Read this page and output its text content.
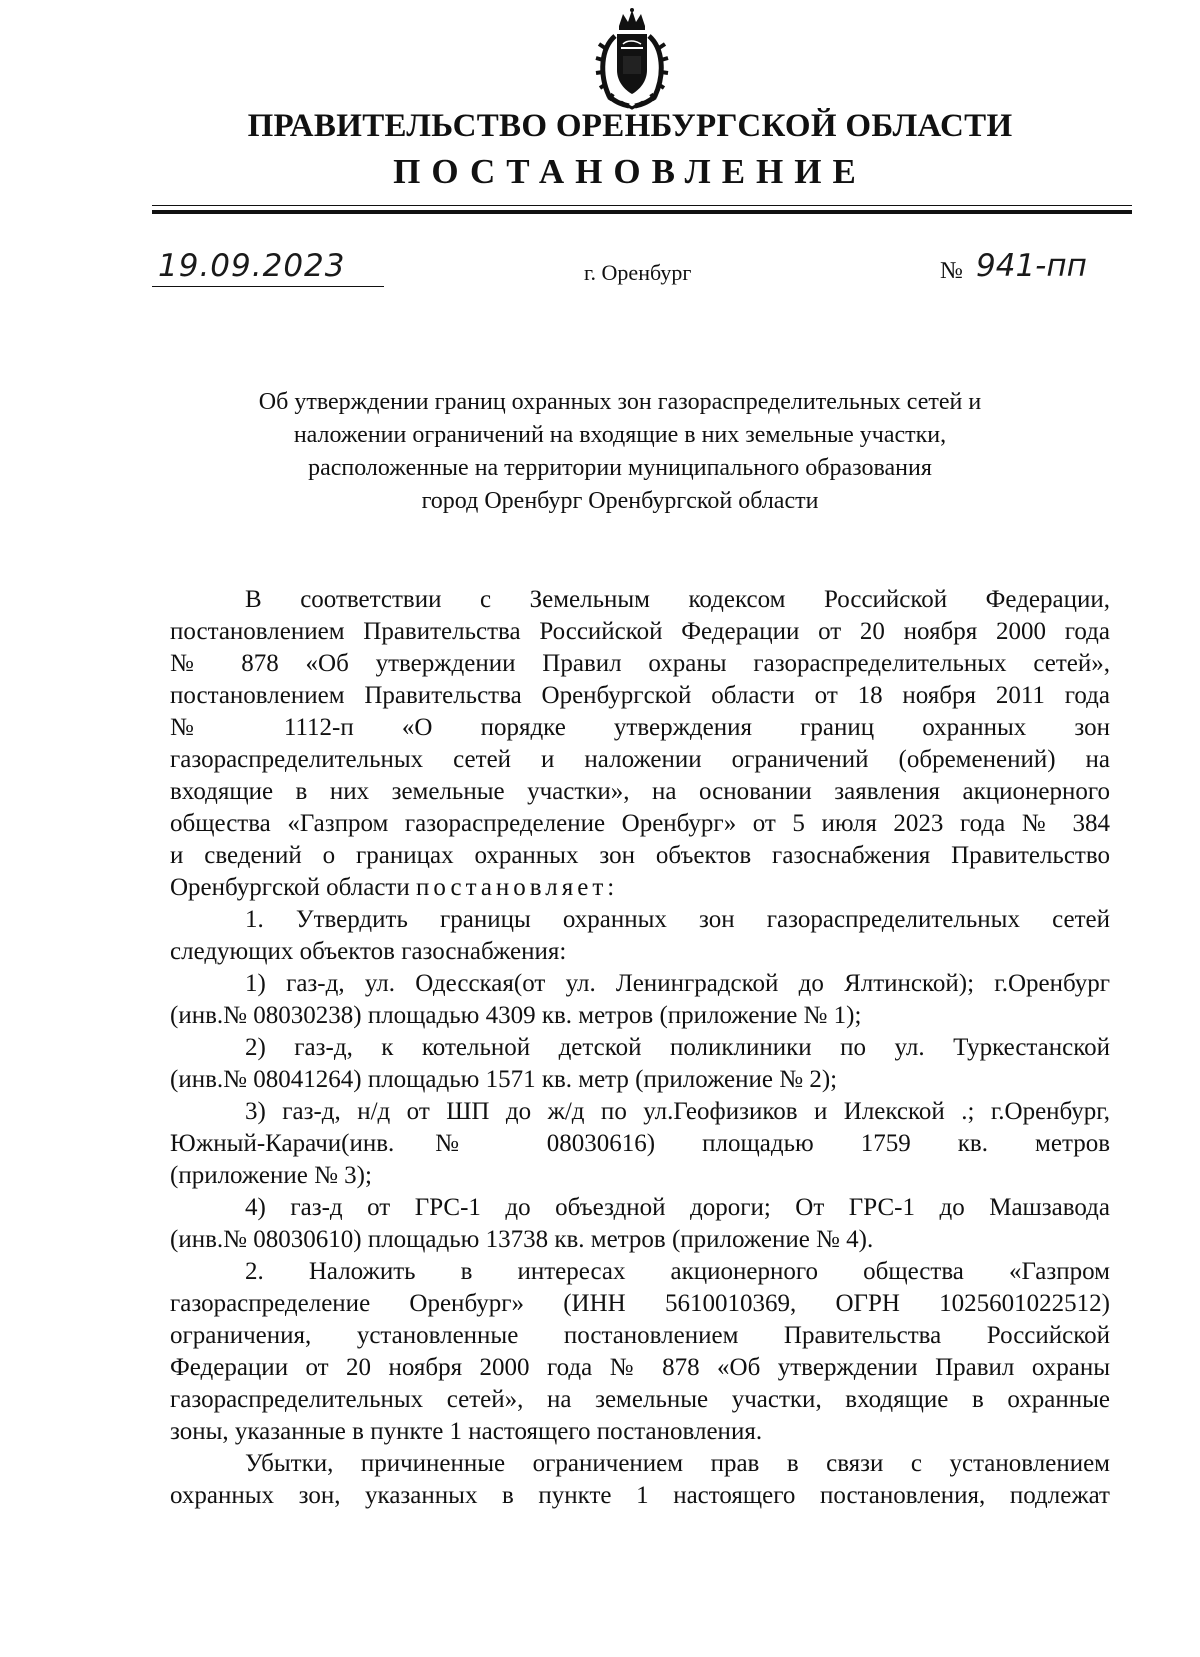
ПРАВИТЕЛЬСТВО ОРЕНБУРГСКОЙ ОБЛАСТИ
ПОСТАНОВЛЕНИЕ
19.09.2023	г. Оренбург	№ 941-пп
Об утверждении границ охранных зон газораспределительных сетей и
наложении ограничений на входящие в них земельные участки,
расположенные на территории муниципального образования
город Оренбург Оренбургской области
В соответствии с Земельным кодексом Российской Федерации,
постановлением Правительства Российской Федерации от 20 ноября 2000 года
№ 878 «Об утверждении Правил охраны газораспределительных сетей»,
постановлением Правительства Оренбургской области от 18 ноября 2011 года
№ 1112-п «О порядке утверждения границ охранных зон
газораспределительных сетей и наложении ограничений (обременений) на
входящие в них земельные участки», на основании заявления акционерного
общества «Газпром газораспределение Оренбург» от 5 июля 2023 года № 384
и сведений о границах охранных зон объектов газоснабжения Правительство
Оренбургской области постановляет:
1. Утвердить границы охранных зон газораспределительных сетей
следующих объектов газоснабжения:
1) газ-д, ул. Одесская(от ул. Ленинградской до Ялтинской); г.Оренбург
(инв.№ 08030238) площадью 4309 кв. метров (приложение № 1);
2) газ-д, к котельной детской поликлиники по ул. Туркестанской
(инв.№ 08041264) площадью 1571 кв. метр (приложение № 2);
3) газ-д, н/д от ШП до ж/д по ул.Геофизиков и Илекской .; г.Оренбург,
Южный-Карачи(инв.№ 08030616) площадью 1759 кв. метров
(приложение № 3);
4) газ-д от ГРС-1 до объездной дороги; От ГРС-1 до Машзавода
(инв.№ 08030610) площадью 13738 кв. метров (приложение № 4).
2. Наложить в интересах акционерного общества «Газпром
газораспределение Оренбург» (ИНН 5610010369, ОГРН 1025601022512)
ограничения, установленные постановлением Правительства Российской
Федерации от 20 ноября 2000 года № 878 «Об утверждении Правил охраны
газораспределительных сетей», на земельные участки, входящие в охранные
зоны, указанные в пункте 1 настоящего постановления.
Убытки, причиненные ограничением прав в связи с установлением
охранных зон, указанных в пункте 1 настоящего постановления, подлежат
